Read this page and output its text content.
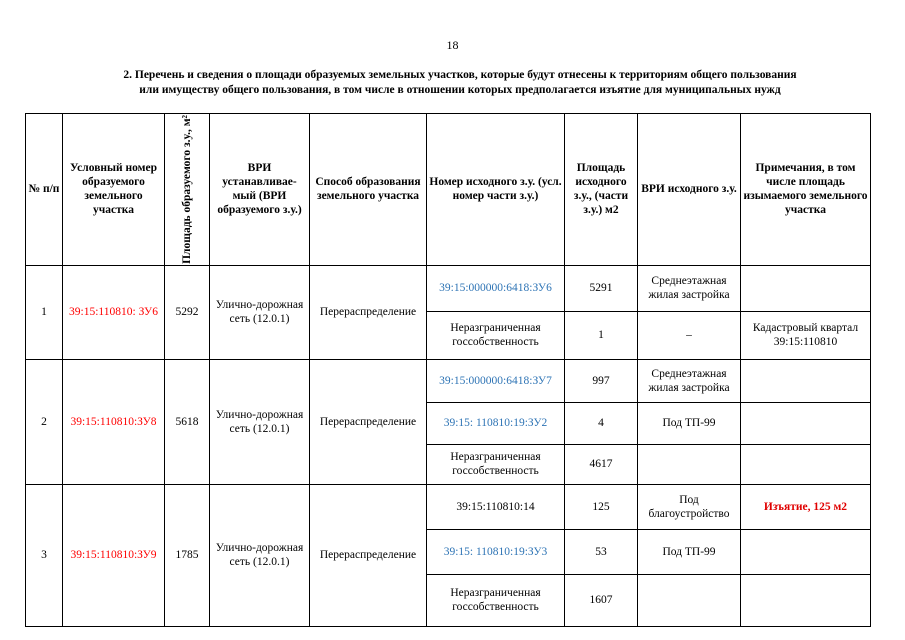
18
2. Перечень и сведения о площади образуемых земельных участков, которые будут отнесены к территориям общего пользования
или имуществу общего пользования, в том числе в отношении которых предполагается изъятие для муниципальных нужд
№ п/п	Условный номер образуемого земельного участка	Площадь образуемого з.у., м²	ВРИ устанавливае-мый (ВРИ образуемого з.у.)	Способ образования земельного участка	Номер исходного з.у. (усл. номер части з.у.)	Площадь исходного з.у., (части з.у.) м2	ВРИ исходного з.у.	Примечания, в том числе площадь изымаемого земельного участка
1	39:15:110810: ЗУ6	5292	Улично-дорожная сеть (12.0.1)	Перераспределение	39:15:000000:6418:ЗУ6	5291	Среднеэтажная жилая застройка	
					Неразграниченная госсобственность	1	–	Кадастровый квартал 39:15:110810
2	39:15:110810:ЗУ8	5618	Улично-дорожная сеть (12.0.1)	Перераспределение	39:15:000000:6418:ЗУ7	997	Среднеэтажная жилая застройка	
					39:15: 110810:19:ЗУ2	4	Под ТП-99	
					Неразграниченная госсобственность	4617		
3	39:15:110810:ЗУ9	1785	Улично-дорожная сеть (12.0.1)	Перераспределение	39:15:110810:14	125	Под благоустройство	Изъятие, 125 м2
					39:15: 110810:19:ЗУ3	53	Под ТП-99	
					Неразграниченная госсобственность	1607		
